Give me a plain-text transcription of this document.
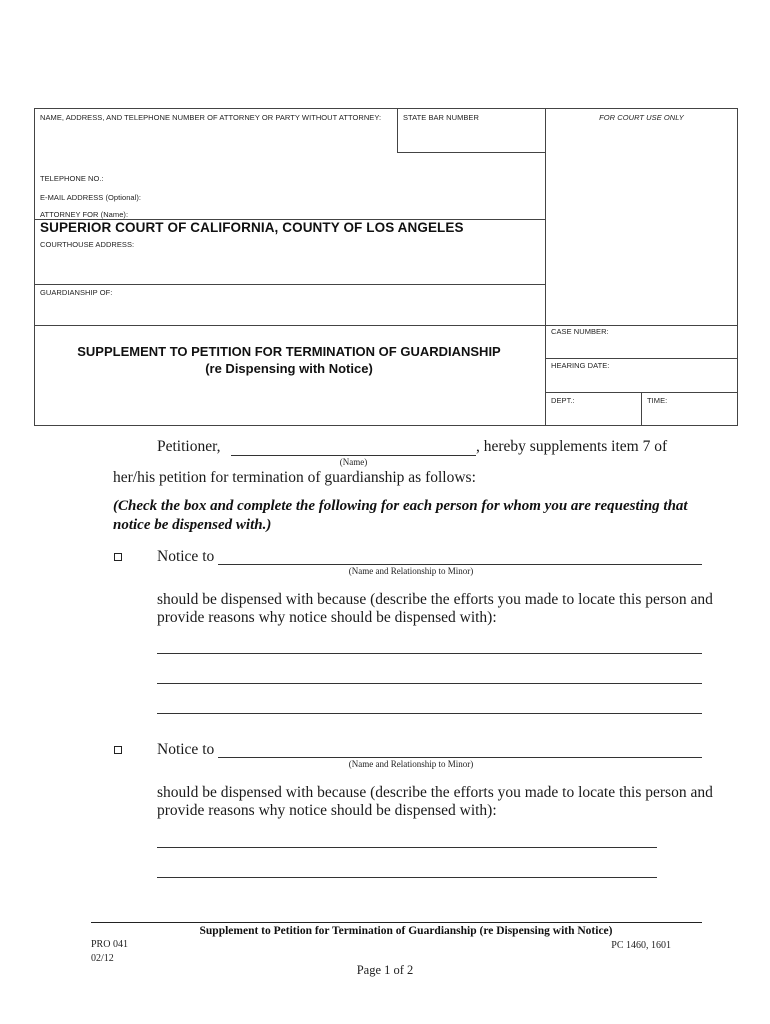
NAME, ADDRESS, AND TELEPHONE NUMBER OF ATTORNEY OR PARTY WITHOUT ATTORNEY:	STATE BAR NUMBER	FOR COURT USE ONLY
TELEPHONE NO.:
E-MAIL ADDRESS (Optional):
ATTORNEY FOR (Name):
SUPERIOR COURT OF CALIFORNIA, COUNTY OF LOS ANGELES
COURTHOUSE ADDRESS:
GUARDIANSHIP OF:
CASE NUMBER:
HEARING DATE:
DEPT.:	TIME:
SUPPLEMENT TO PETITION FOR TERMINATION OF GUARDIANSHIP
(re Dispensing with Notice)
Petitioner,	, hereby supplements item 7 of
(Name)
her/his petition for termination of guardianship as follows:
(Check the box and complete the following for each person for whom you are requesting that notice be dispensed with.)
Notice to
(Name and Relationship to Minor)
should be dispensed with because (describe the efforts you made to locate this person and
provide reasons why notice should be dispensed with):
Notice to
(Name and Relationship to Minor)
should be dispensed with because (describe the efforts you made to locate this person and
provide reasons why notice should be dispensed with):
Supplement to Petition for Termination of Guardianship (re Dispensing with Notice)
PRO 041
02/12
PC 1460, 1601
Page 1 of 2
